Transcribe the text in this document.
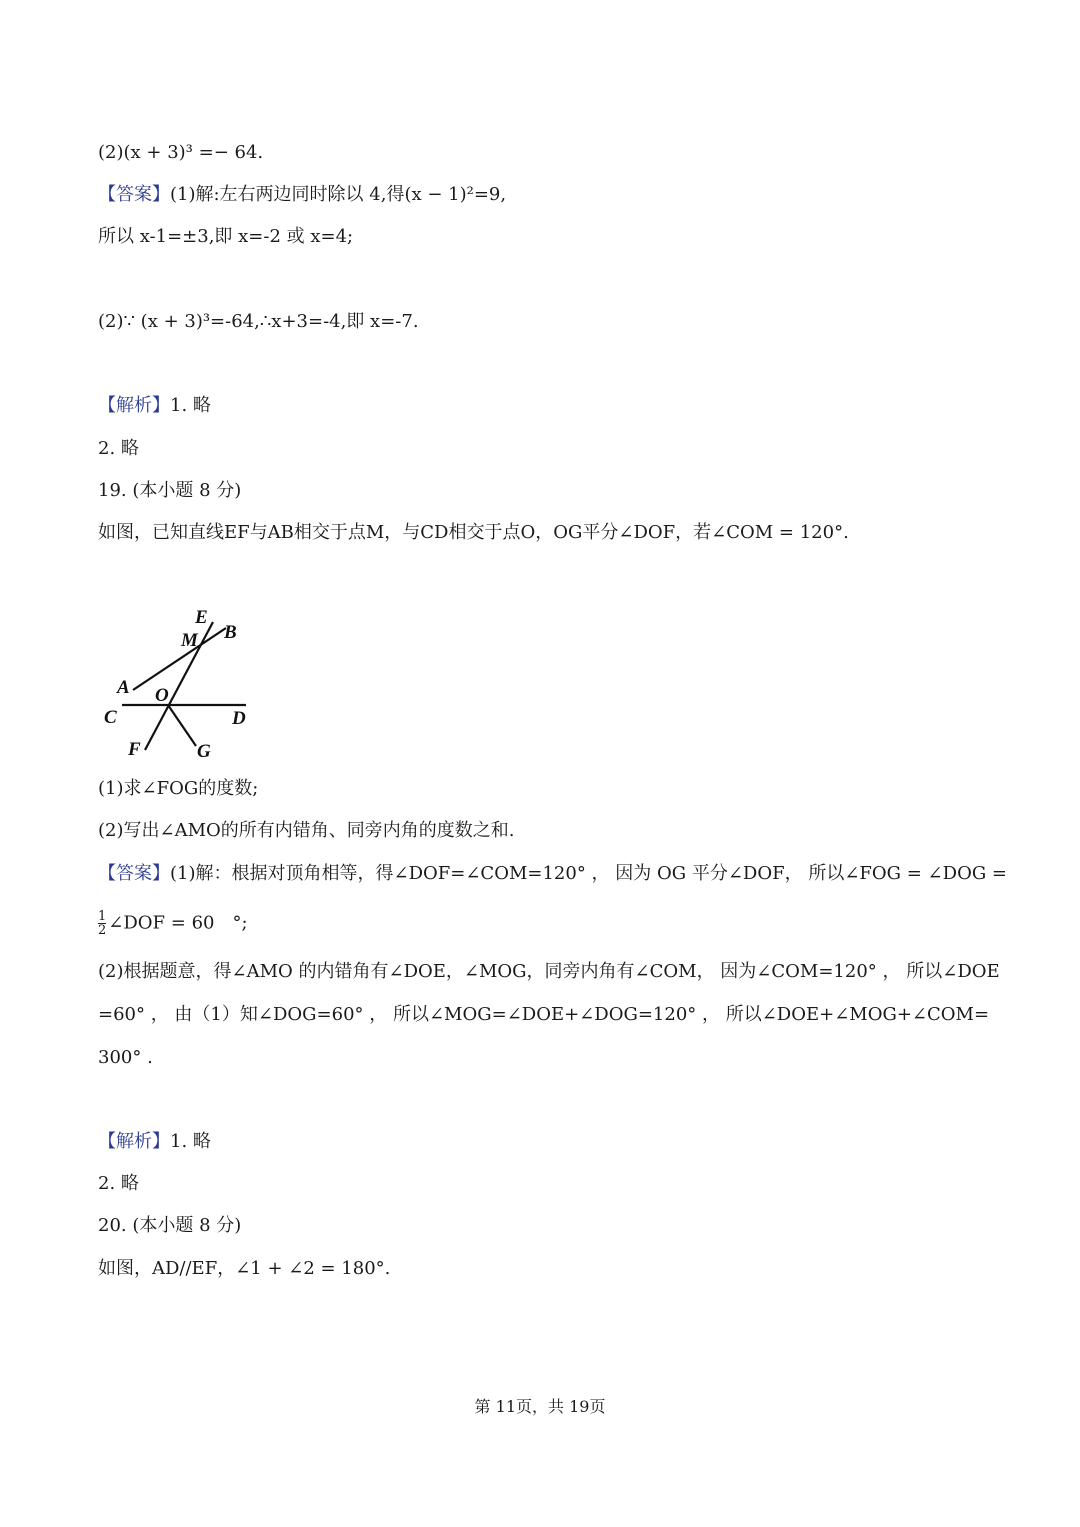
(2)(x + 3)³ =− 64.
【答案】(1)解:左右两边同时除以 4,得(x − 1)²=9,
所以 x-1=±3,即 x=-2 或 x=4;
(2)∵ (x + 3)³=-64,∴x+3=-4,即 x=-7.
【解析】1. 略
2. 略
19. (本小题 8 分)
如图，已知直线EF与AB相交于点M，与CD相交于点O，OG平分∠DOF，若∠COM = 120°.
E
M B
A O
C	D
F	G
(1)求∠FOG的度数;
(2)写出∠AMO的所有内错角、同旁内角的度数之和.
【答案】(1)解：根据对顶角相等，得∠DOF=∠COM=120° ， 因为 OG 平分∠DOF， 所以∠FOG = ∠DOG =
$\frac{1}{2}$ ∠DOF = 60　°;
(2)根据题意，得∠AMO 的内错角有∠DOE，∠MOG，同旁内角有∠COM， 因为∠COM=120° ， 所以∠DOE
=60° ， 由（1）知∠DOG=60° ， 所以∠MOG=∠DOE+∠DOG=120° ， 所以∠DOE+∠MOG+∠COM=
300° .
【解析】1. 略
2. 略
20. (本小题 8 分)
如图，AD//EF，∠1 + ∠2 = 180°.
第 11页，共 19页
